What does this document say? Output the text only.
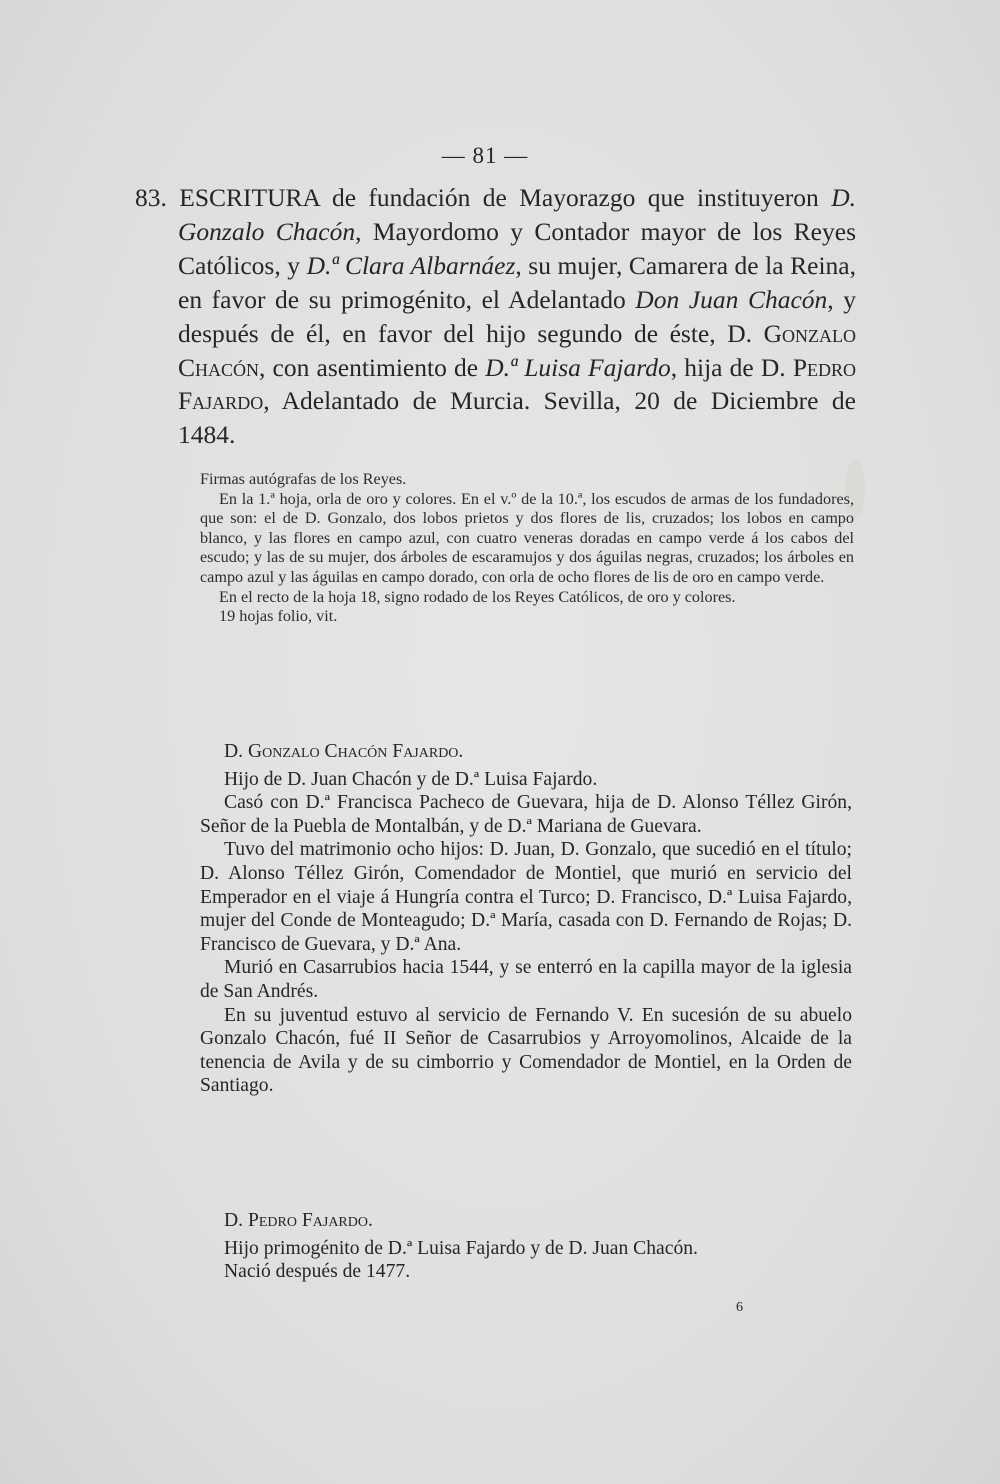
— 81 —
83. ESCRITURA de fundación de Mayorazgo que instituyeron D. Gonzalo Chacón, Mayordomo y Contador mayor de los Reyes Católicos, y D.ª Clara Albarnáez, su mujer, Camarera de la Reina, en favor de su primogénito, el Adelantado Don Juan Chacón, y después de él, en favor del hijo segundo de éste, D. Gonzalo Chacón, con asentimiento de D.ª Luisa Fajardo, hija de D. Pedro Fajardo, Adelantado de Murcia. Sevilla, 20 de Diciembre de 1484.

Firmas autógrafas de los Reyes.

En la 1.ª hoja, orla de oro y colores. En el v.º de la 10.ª, los escudos de armas de los fundadores, que son: el de D. Gonzalo, dos lobos prietos y dos flores de lis, cruzados; los lobos en campo blanco, y las flores en campo azul, con cuatro veneras doradas en campo verde á los cabos del escudo; y las de su mujer, dos árboles de escaramujos y dos águilas negras, cruzados; los árboles en campo azul y las águilas en campo dorado, con orla de ocho flores de lis de oro en campo verde.

En el recto de la hoja 18, signo rodado de los Reyes Católicos, de oro y colores.

19 hojas folio, vit.

D. Gonzalo Chacón Fajardo.

Hijo de D. Juan Chacón y de D.ª Luisa Fajardo.

Casó con D.ª Francisca Pacheco de Guevara, hija de D. Alonso Téllez Girón, Señor de la Puebla de Montalbán, y de D.ª Mariana de Guevara.

Tuvo del matrimonio ocho hijos: D. Juan, D. Gonzalo, que sucedió en el título; D. Alonso Téllez Girón, Comendador de Montiel, que murió en servicio del Emperador en el viaje á Hungría contra el Turco; D. Francisco, D.ª Luisa Fajardo, mujer del Conde de Monteagudo; D.ª María, casada con D. Fernando de Rojas; D. Francisco de Guevara, y D.ª Ana.

Murió en Casarrubios hacia 1544, y se enterró en la capilla mayor de la iglesia de San Andrés.

En su juventud estuvo al servicio de Fernando V. En sucesión de su abuelo Gonzalo Chacón, fué II Señor de Casarrubios y Arroyomolinos, Alcaide de la tenencia de Avila y de su cimborrio y Comendador de Montiel, en la Orden de Santiago.

D. Pedro Fajardo.

Hijo primogénito de D.ª Luisa Fajardo y de D. Juan Chacón.

Nació después de 1477.

6
